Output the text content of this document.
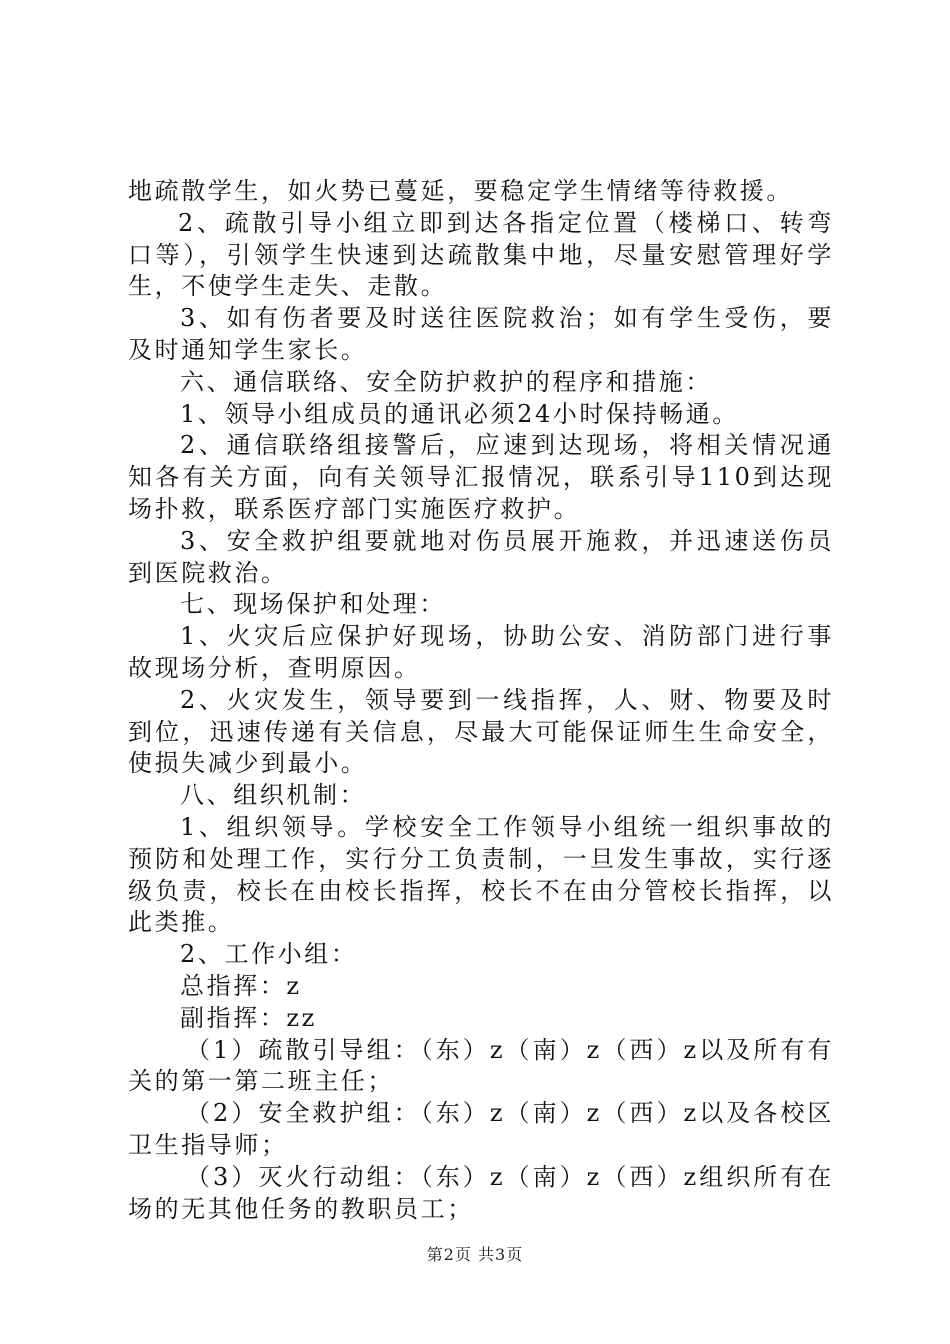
地疏散学生，如火势已蔓延，要稳定学生情绪等待救援。

2、疏散引导小组立即到达各指定位置（楼梯口、转弯口等），引领学生快速到达疏散集中地，尽量安慰管理好学生，不使学生走失、走散。

3、如有伤者要及时送往医院救治；如有学生受伤，要及时通知学生家长。

六、通信联络、安全防护救护的程序和措施：

1、领导小组成员的通讯必须24小时保持畅通。

2、通信联络组接警后，应速到达现场，将相关情况通知各有关方面，向有关领导汇报情况，联系引导110到达现场扑救，联系医疗部门实施医疗救护。

3、安全救护组要就地对伤员展开施救，并迅速送伤员到医院救治。

七、现场保护和处理：

1、火灾后应保护好现场，协助公安、消防部门进行事故现场分析，查明原因。

2、火灾发生，领导要到一线指挥，人、财、物要及时到位，迅速传递有关信息，尽最大可能保证师生生命安全，使损失减少到最小。

八、组织机制：

1、组织领导。学校安全工作领导小组统一组织事故的预防和处理工作，实行分工负责制，一旦发生事故，实行逐级负责，校长在由校长指挥，校长不在由分管校长指挥，以此类推。

2、工作小组：

总指挥：z

副指挥：zz

（1）疏散引导组：（东）z（南）z（西）z以及所有有关的第一第二班主任；

（2）安全救护组：（东）z（南）z（西）z以及各校区卫生指导师；

（3）灭火行动组：（东）z（南）z（西）z组织所有在场的无其他任务的教职员工；

第2页 共3页
